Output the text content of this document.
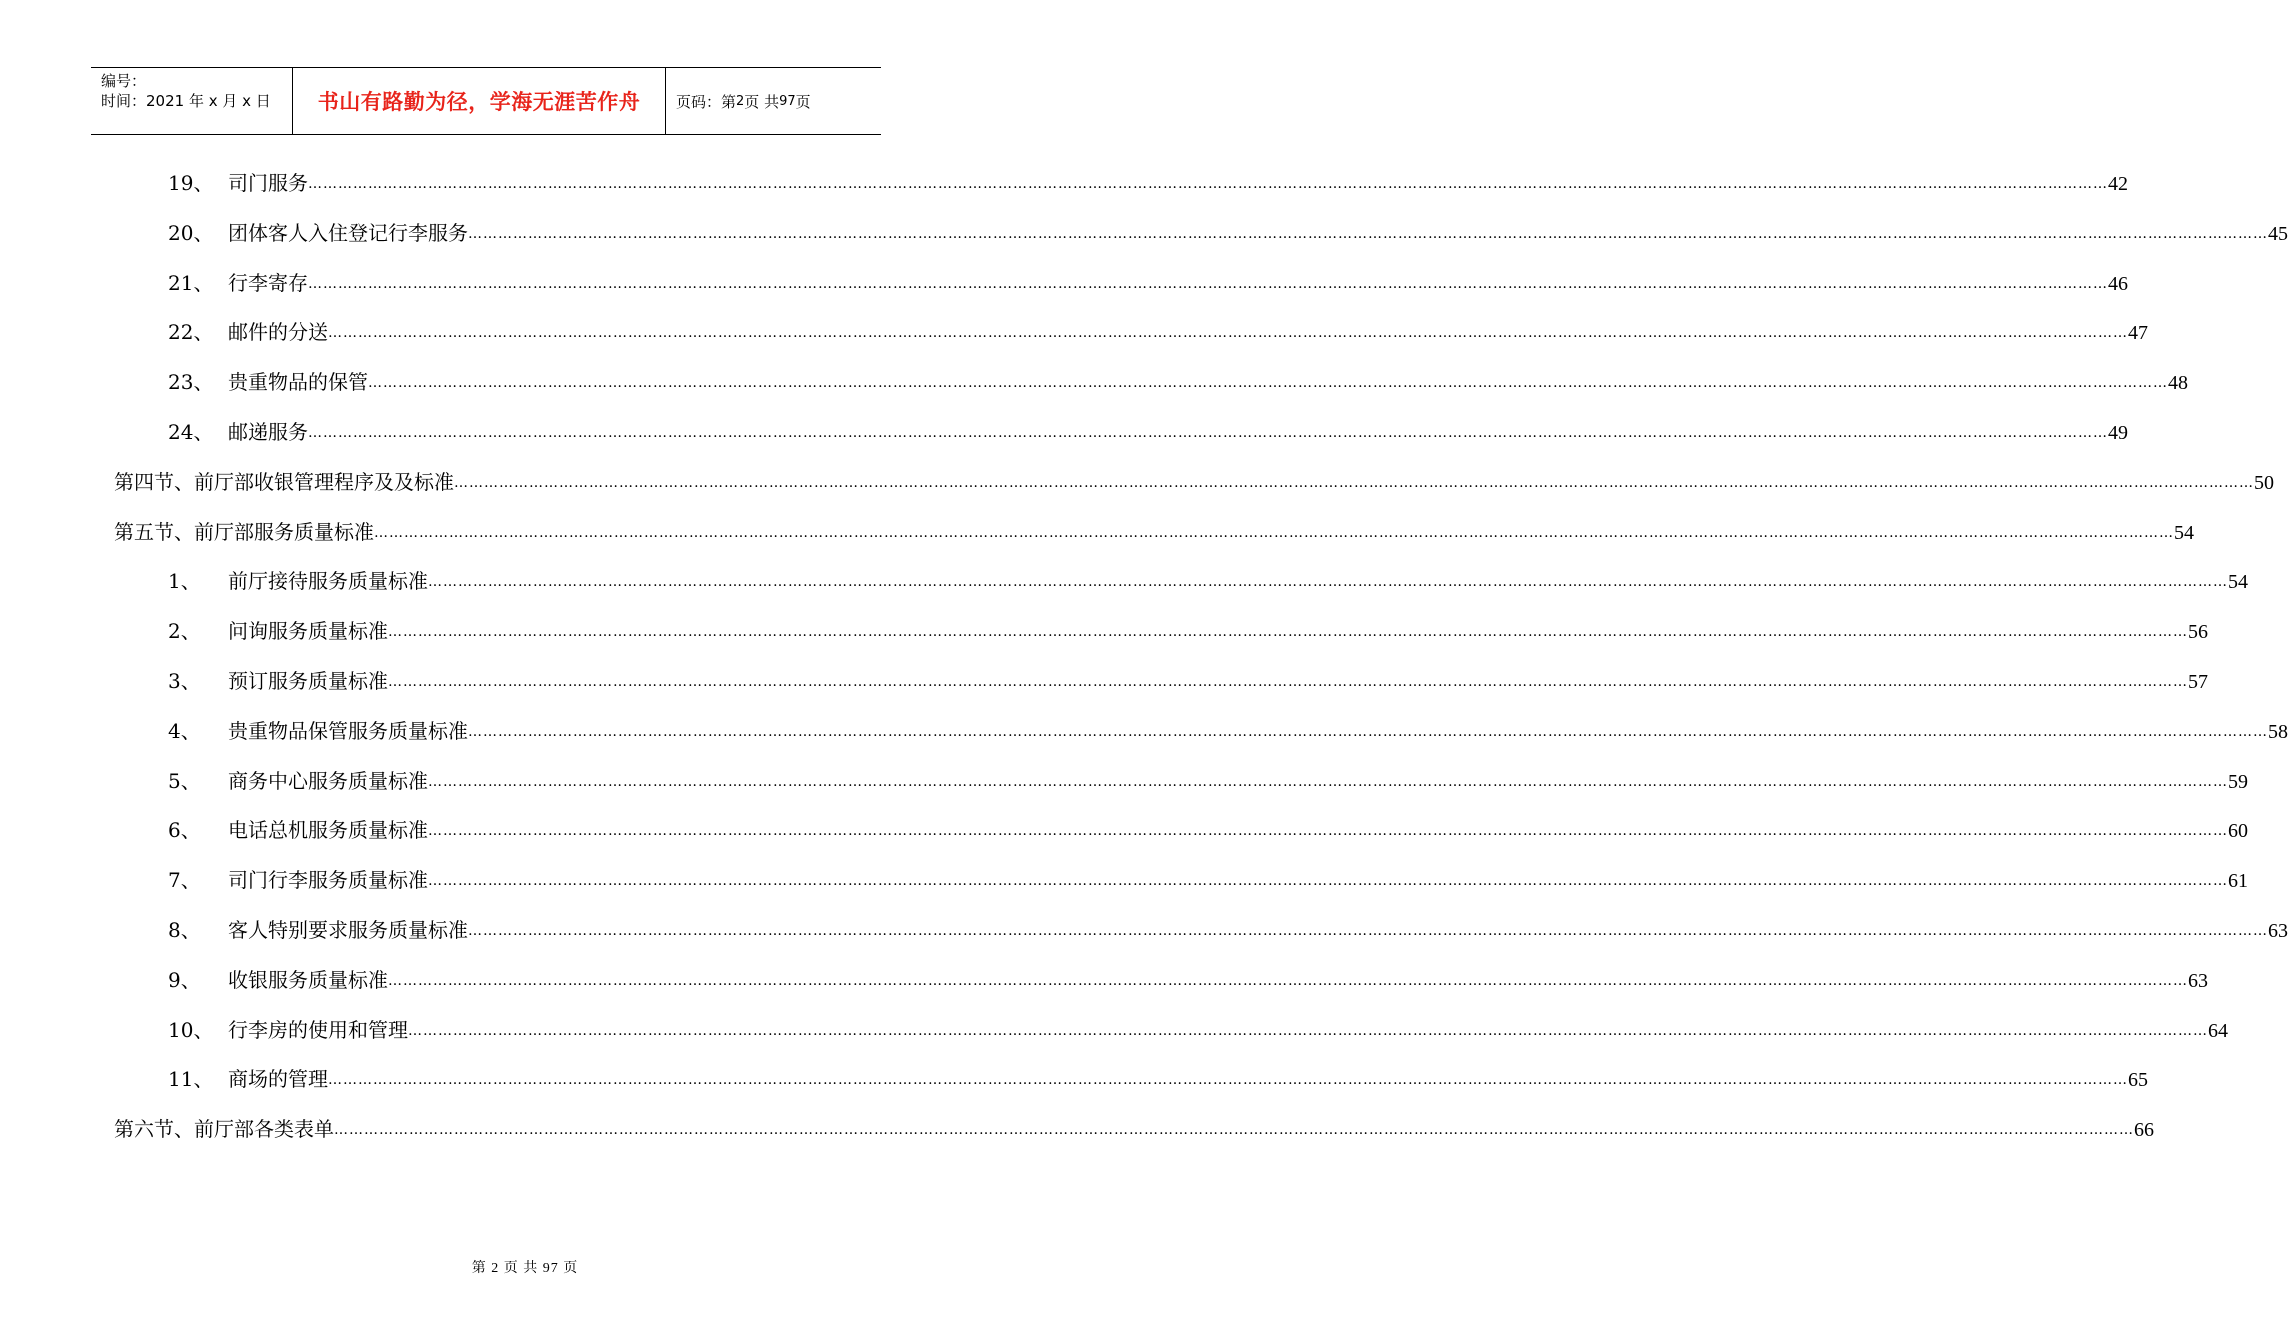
编号：
时间：2021 年 x 月 x 日	书山有路勤为径，学海无涯苦作舟 页码：第 2 页 共 97 页
19、 司门服务 ……………………………………………………………………………………………………………………………………………………………………………………………………………………………………………………………………………………………………………………………… 42
20、 团体客人入住登记行李服务 ……………………………………………………………………………………………………………………………………………………………………………………………………………………………………………………………………………………………………………………………… 45
21、 行李寄存 ……………………………………………………………………………………………………………………………………………………………………………………………………………………………………………………………………………………………………………………………… 46
22、 邮件的分送 ……………………………………………………………………………………………………………………………………………………………………………………………………………………………………………………………………………………………………………………………… 47
23、 贵重物品的保管 ……………………………………………………………………………………………………………………………………………………………………………………………………………………………………………………………………………………………………………………………… 48
24、 邮递服务 ……………………………………………………………………………………………………………………………………………………………………………………………………………………………………………………………………………………………………………………………… 49
第四节、前厅部收银管理程序及及标准 ……………………………………………………………………………………………………………………………………………………………………………………………………………………………………………………………………………………………………………………………… 50
第五节、前厅部服务质量标准 ……………………………………………………………………………………………………………………………………………………………………………………………………………………………………………………………………………………………………………………………… 54
1、	前厅接待服务质量标准 ……………………………………………………………………………………………………………………………………………………………………………………………………………………………………………………………………………………………………………………………… 54
2、	问询服务质量标准 ……………………………………………………………………………………………………………………………………………………………………………………………………………………………………………………………………………………………………………………………… 56
3、	预订服务质量标准 ……………………………………………………………………………………………………………………………………………………………………………………………………………………………………………………………………………………………………………………………… 57
4、	贵重物品保管服务质量标准 ……………………………………………………………………………………………………………………………………………………………………………………………………………………………………………………………………………………………………………………………… 58
5、	商务中心服务质量标准 ……………………………………………………………………………………………………………………………………………………………………………………………………………………………………………………………………………………………………………………………… 59
6、	电话总机服务质量标准 ……………………………………………………………………………………………………………………………………………………………………………………………………………………………………………………………………………………………………………………………… 60
7、	司门行李服务质量标准 ……………………………………………………………………………………………………………………………………………………………………………………………………………………………………………………………………………………………………………………………… 61
8、	客人特别要求服务质量标准 ……………………………………………………………………………………………………………………………………………………………………………………………………………………………………………………………………………………………………………………………… 63
9、	收银服务质量标准 ……………………………………………………………………………………………………………………………………………………………………………………………………………………………………………………………………………………………………………………………… 63
10、 行李房的使用和管理 ……………………………………………………………………………………………………………………………………………………………………………………………………………………………………………………………………………………………………………………………… 64
11、 商场的管理 ……………………………………………………………………………………………………………………………………………………………………………………………………………………………………………………………………………………………………………………………… 65
第六节、前厅部各类表单 ……………………………………………………………………………………………………………………………………………………………………………………………………………………………………………………………………………………………………………………………… 66
第 2 页 共 97 页
